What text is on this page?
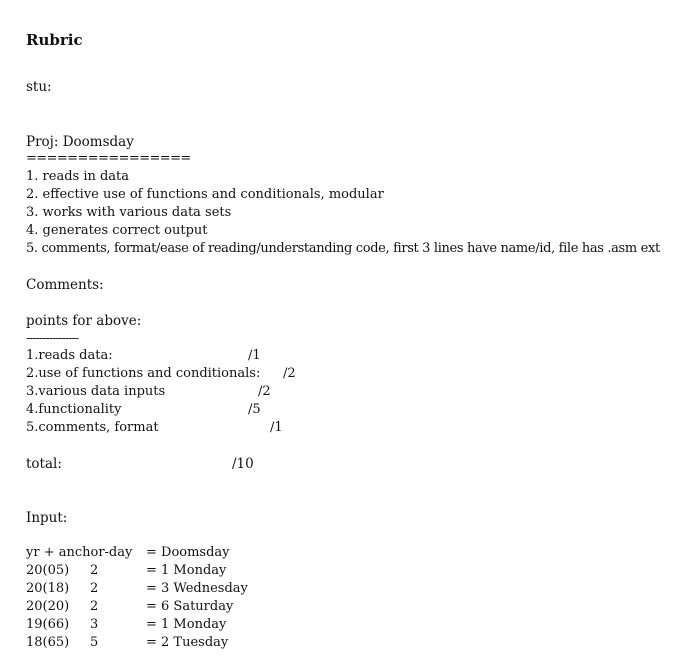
Rubric
stu:
Proj: Doomsday
================
1. reads in data
2. effective use of functions and conditionals, modular
3. works with various data sets
4. generates correct output
5. comments, format/ease of reading/understanding code, first 3 lines have name/id, file has .asm ext
Comments:
points for above:
----------------
1.reads data:	/1
2.use of functions and conditionals: /2
3.various data inputs	/2
4.functionality	/5
5.comments, format	/1
total:	/10
Input:
yr + anchor-day = Doomsday
20(05) 2	= 1 Monday
20(18) 2	= 3 Wednesday
20(20) 2	= 6 Saturday
19(66) 3	= 1 Monday
18(65) 5	= 2 Tuesday
